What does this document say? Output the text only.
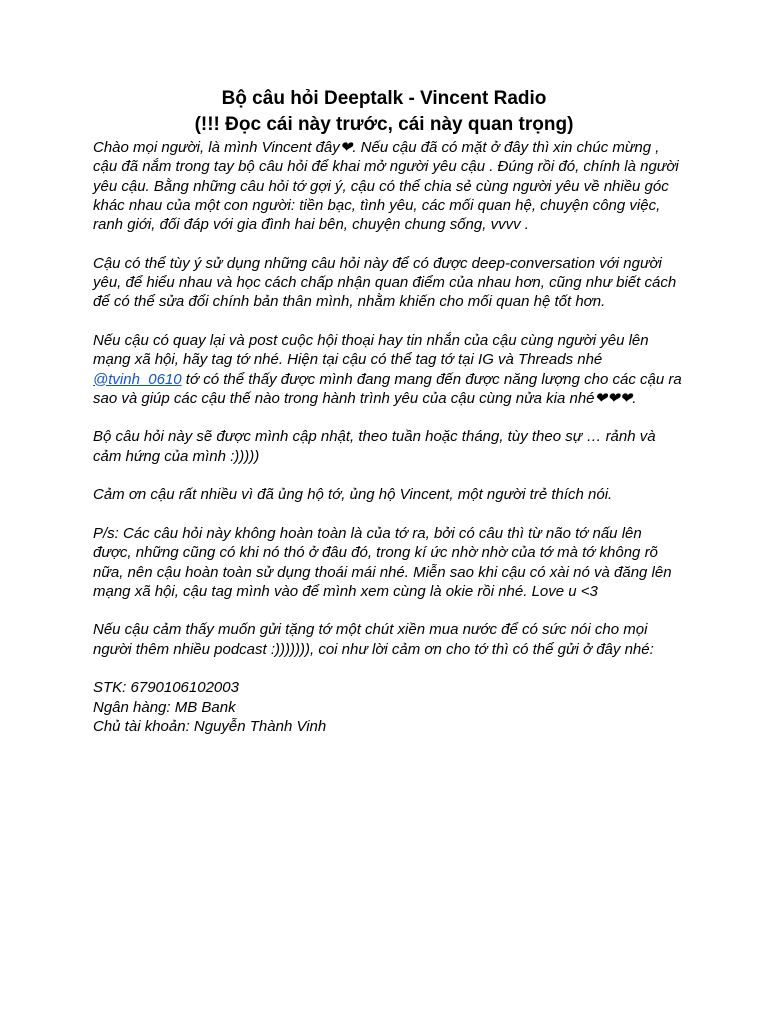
Bộ câu hỏi Deeptalk - Vincent Radio
(!!! Đọc cái này trước, cái này quan trọng)

Chào mọi người, là mình Vincent đây❤. Nếu cậu đã có mặt ở đây thì xin chúc mừng , cậu đã nắm trong tay bộ câu hỏi để khai mở người yêu cậu . Đúng rồi đó, chính là người yêu cậu. Bằng những câu hỏi tớ gợi ý, cậu có thể chia sẻ cùng người yêu về nhiều góc khác nhau của một con người: tiền bạc, tình yêu, các mối quan hệ, chuyện công việc, ranh giới, đối đáp với gia đình hai bên, chuyện chung sống, vvvv .

Cậu có thể tùy ý sử dụng những câu hỏi này để có được deep-conversation với người yêu, để hiểu nhau và học cách chấp nhận quan điểm của nhau hơn, cũng như biết cách để có thể sửa đổi chính bản thân mình, nhằm khiến cho mối quan hệ tốt hơn.

Nếu cậu có quay lại và post cuộc hội thoại hay tin nhắn của cậu cùng người yêu lên mạng xã hội, hãy tag tớ nhé. Hiện tại cậu có thể tag tớ tại IG và Threads nhé @tvinh_0610 tớ có thể thấy được mình đang mang đến được năng lượng cho các cậu ra sao và giúp các cậu thế nào trong hành trình yêu của cậu cùng nửa kia nhé❤❤❤.

Bộ câu hỏi này sẽ được mình cập nhật, theo tuần hoặc tháng, tùy theo sự … rảnh và cảm hứng của mình :)))))

Cảm ơn cậu rất nhiều vì đã ủng hộ tớ, ủng hộ Vincent, một người trẻ thích nói.

P/s: Các câu hỏi này không hoàn toàn là của tớ ra, bởi có câu thì từ não tớ nấu lên được, những cũng có khi nó thó ở đâu đó, trong kí ức nhờ nhờ của tớ mà tớ không rõ nữa, nên cậu hoàn toàn sử dụng thoái mái nhé. Miễn sao khi cậu có xài nó và đăng lên mạng xã hội, cậu tag mình vào để mình xem cùng là okie rồi nhé. Love u <3

Nếu cậu cảm thấy muốn gửi tặng tớ một chút xiền mua nước để có sức nói cho mọi người thêm nhiều podcast :))))))), coi như lời cảm ơn cho tớ thì có thể gửi ở đây nhé:

STK: 6790106102003

Ngân hàng: MB Bank

Chủ tài khoản: Nguyễn Thành Vinh
